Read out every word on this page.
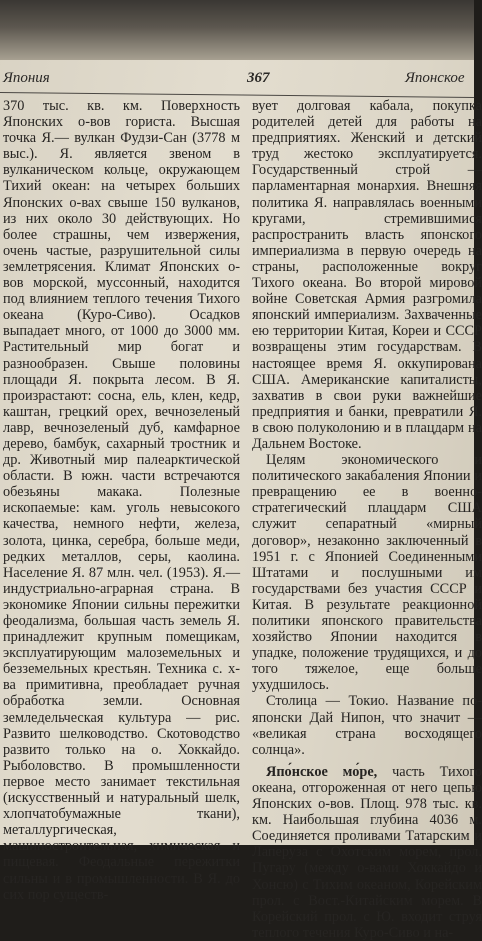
Япония	367	Японское

370 тыс. кв. км. Поверхность Японских о-вов гориста. Высшая точка Я.— вулкан Фудзи-Сан (3778 м выс.). Я. является звеном в вулканическом кольце, окружающем Тихий океан: на четырех больших Японских о-вах свыше 150 вулканов, из них около 30 действующих. Но более страшны, чем извержения, очень частые, разрушительной силы землетрясения. Климат Японских о-вов морской, муссонный, находится под влиянием теплого течения Тихого океана (Куро-Сиво). Осадков выпадает много, от 1000 до 3000 мм. Растительный мир богат и разнообразен. Свыше половины площади Я. покрыта лесом. В Я. произрастают: сосна, ель, клен, кедр, каштан, грецкий орех, вечнозеленый лавр, вечнозеленый дуб, камфарное дерево, бамбук, сахарный тростник и др. Животный мир палеарктической области. В южн. части встречаются обезьяны макака. Полезные ископаемые: кам. уголь невысокого качества, немного нефти, железа, золота, цинка, серебра, больше меди, редких металлов, серы, каолина. Население Я. 87 млн. чел. (1953). Я.— индустриально-аграрная страна. В экономике Японии сильны пережитки феодализма, большая часть земель Я. принадлежит крупным помещикам, эксплуатирующим малоземельных и безземельных крестьян. Техника с. х-ва примитивна, преобладает ручная обработка земли. Основная земледельческая культура — рис. Развито шелководство. Скотоводство развито только на о. Хоккайдо. Рыболовство. В промышленности первое место занимает текстильная (искусственный и натуральный шелк, хлопчатобумажные ткани), металлургическая, машиностроительная, химическая и пищевая. Феодальные пережитки сильны и в промышленности. В Я. до сих пор существ-

вует долговая кабала, покупка родителей детей для работы на предприятиях. Женский и детский труд жестоко эксплуатируется. Государственный строй — парламентарная монархия. Внешняя политика Я. направлялась военными кругами, стремившимися распространить власть японского империализма в первую очередь на страны, расположенные вокруг Тихого океана. Во второй мировой войне Советская Армия разгромила японский империализм. Захваченные ею территории Китая, Кореи и СССР возвращены этим государствам. В настоящее время Я. оккупирована США. Американские капиталисты, захватив в свои руки важнейшие предприятия и банки, превратили Я. в свою полуколонию и в плацдарм на Дальнем Востоке.

Целям экономического и политического закабаления Японии и превращению ее в военно-стратегический плацдарм США служит сепаратный «мирный договор», незаконно заключенный в 1951 г. с Японией Соединенными Штатами и послушными им государствами без участия СССР и Китая. В результате реакционной политики японского правительства хозяйство Японии находится в упадке, положение трудящихся, и до того тяжелое, еще больше ухудшилось.

Столица — Токио. Название по-японски Дай Нипон, что значит — «великая страна восходящего солнца».

Япо́нское мо́ре, часть Тихого океана, отгороженная от него цепью Японских о-вов. Площ. 978 тыс. кв. км. Наибольшая глубина 4036 м. Соединяется проливами Татарским и Лаперуза с Охотским морем, прол. Пугару (между о-вами Хоккайдо и Хонсю) с Тихим океаном, Корейским прол. с Вост.-Китайским морем. В Корейский прол. с Ю. входит струя теплого течения Куро-Сиво и на-
